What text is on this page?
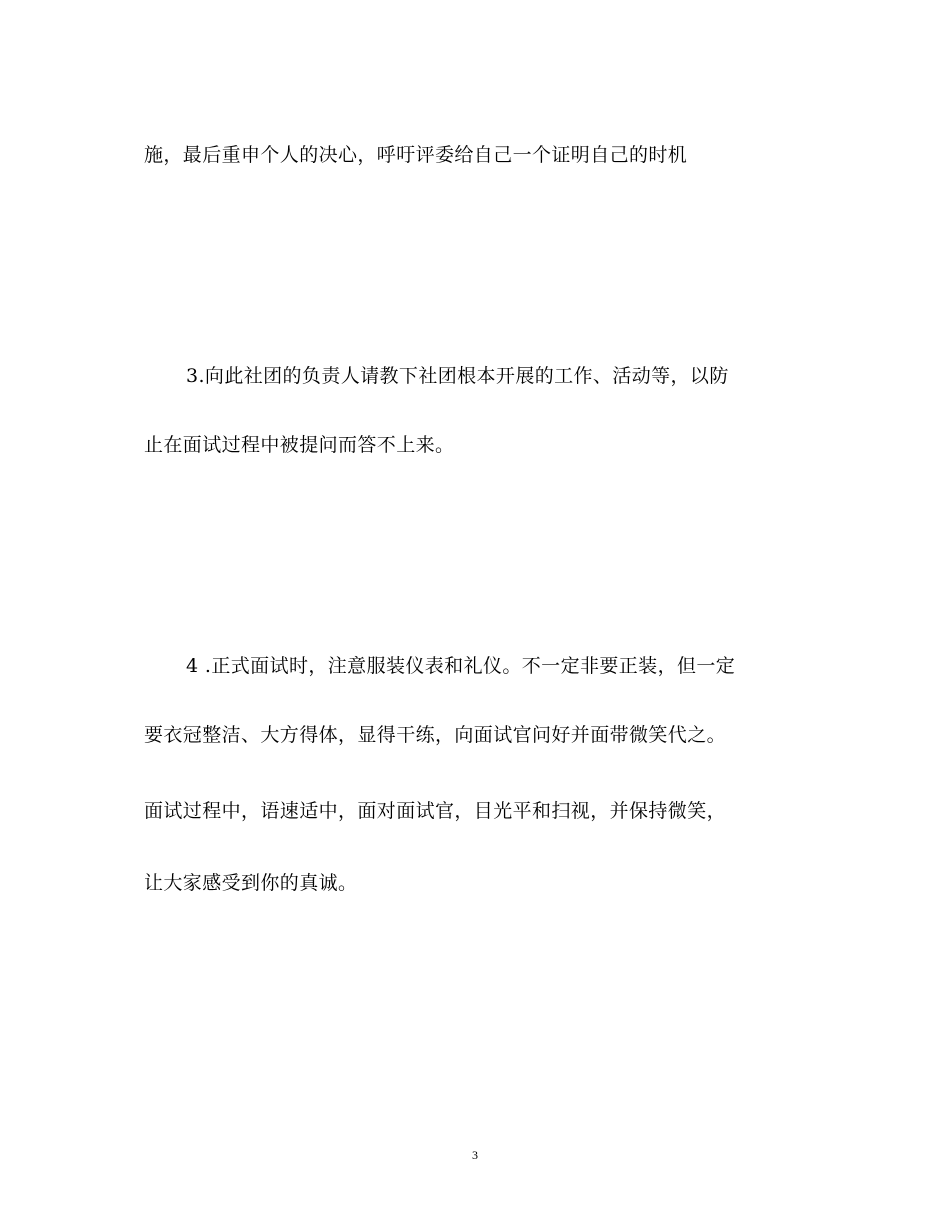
施，最后重申个人的决心，呼吁评委给自己一个证明自己的时机
3.向此社团的负责人请教下社团根本开展的工作、活动等，以防
止在面试过程中被提问而答不上来。
4 .正式面试时，注意服装仪表和礼仪。不一定非要正装，但一定
要衣冠整洁、大方得体，显得干练，向面试官问好并面带微笑代之。
面试过程中，语速适中，面对面试官，目光平和扫视，并保持微笑，
让大家感受到你的真诚。
3
